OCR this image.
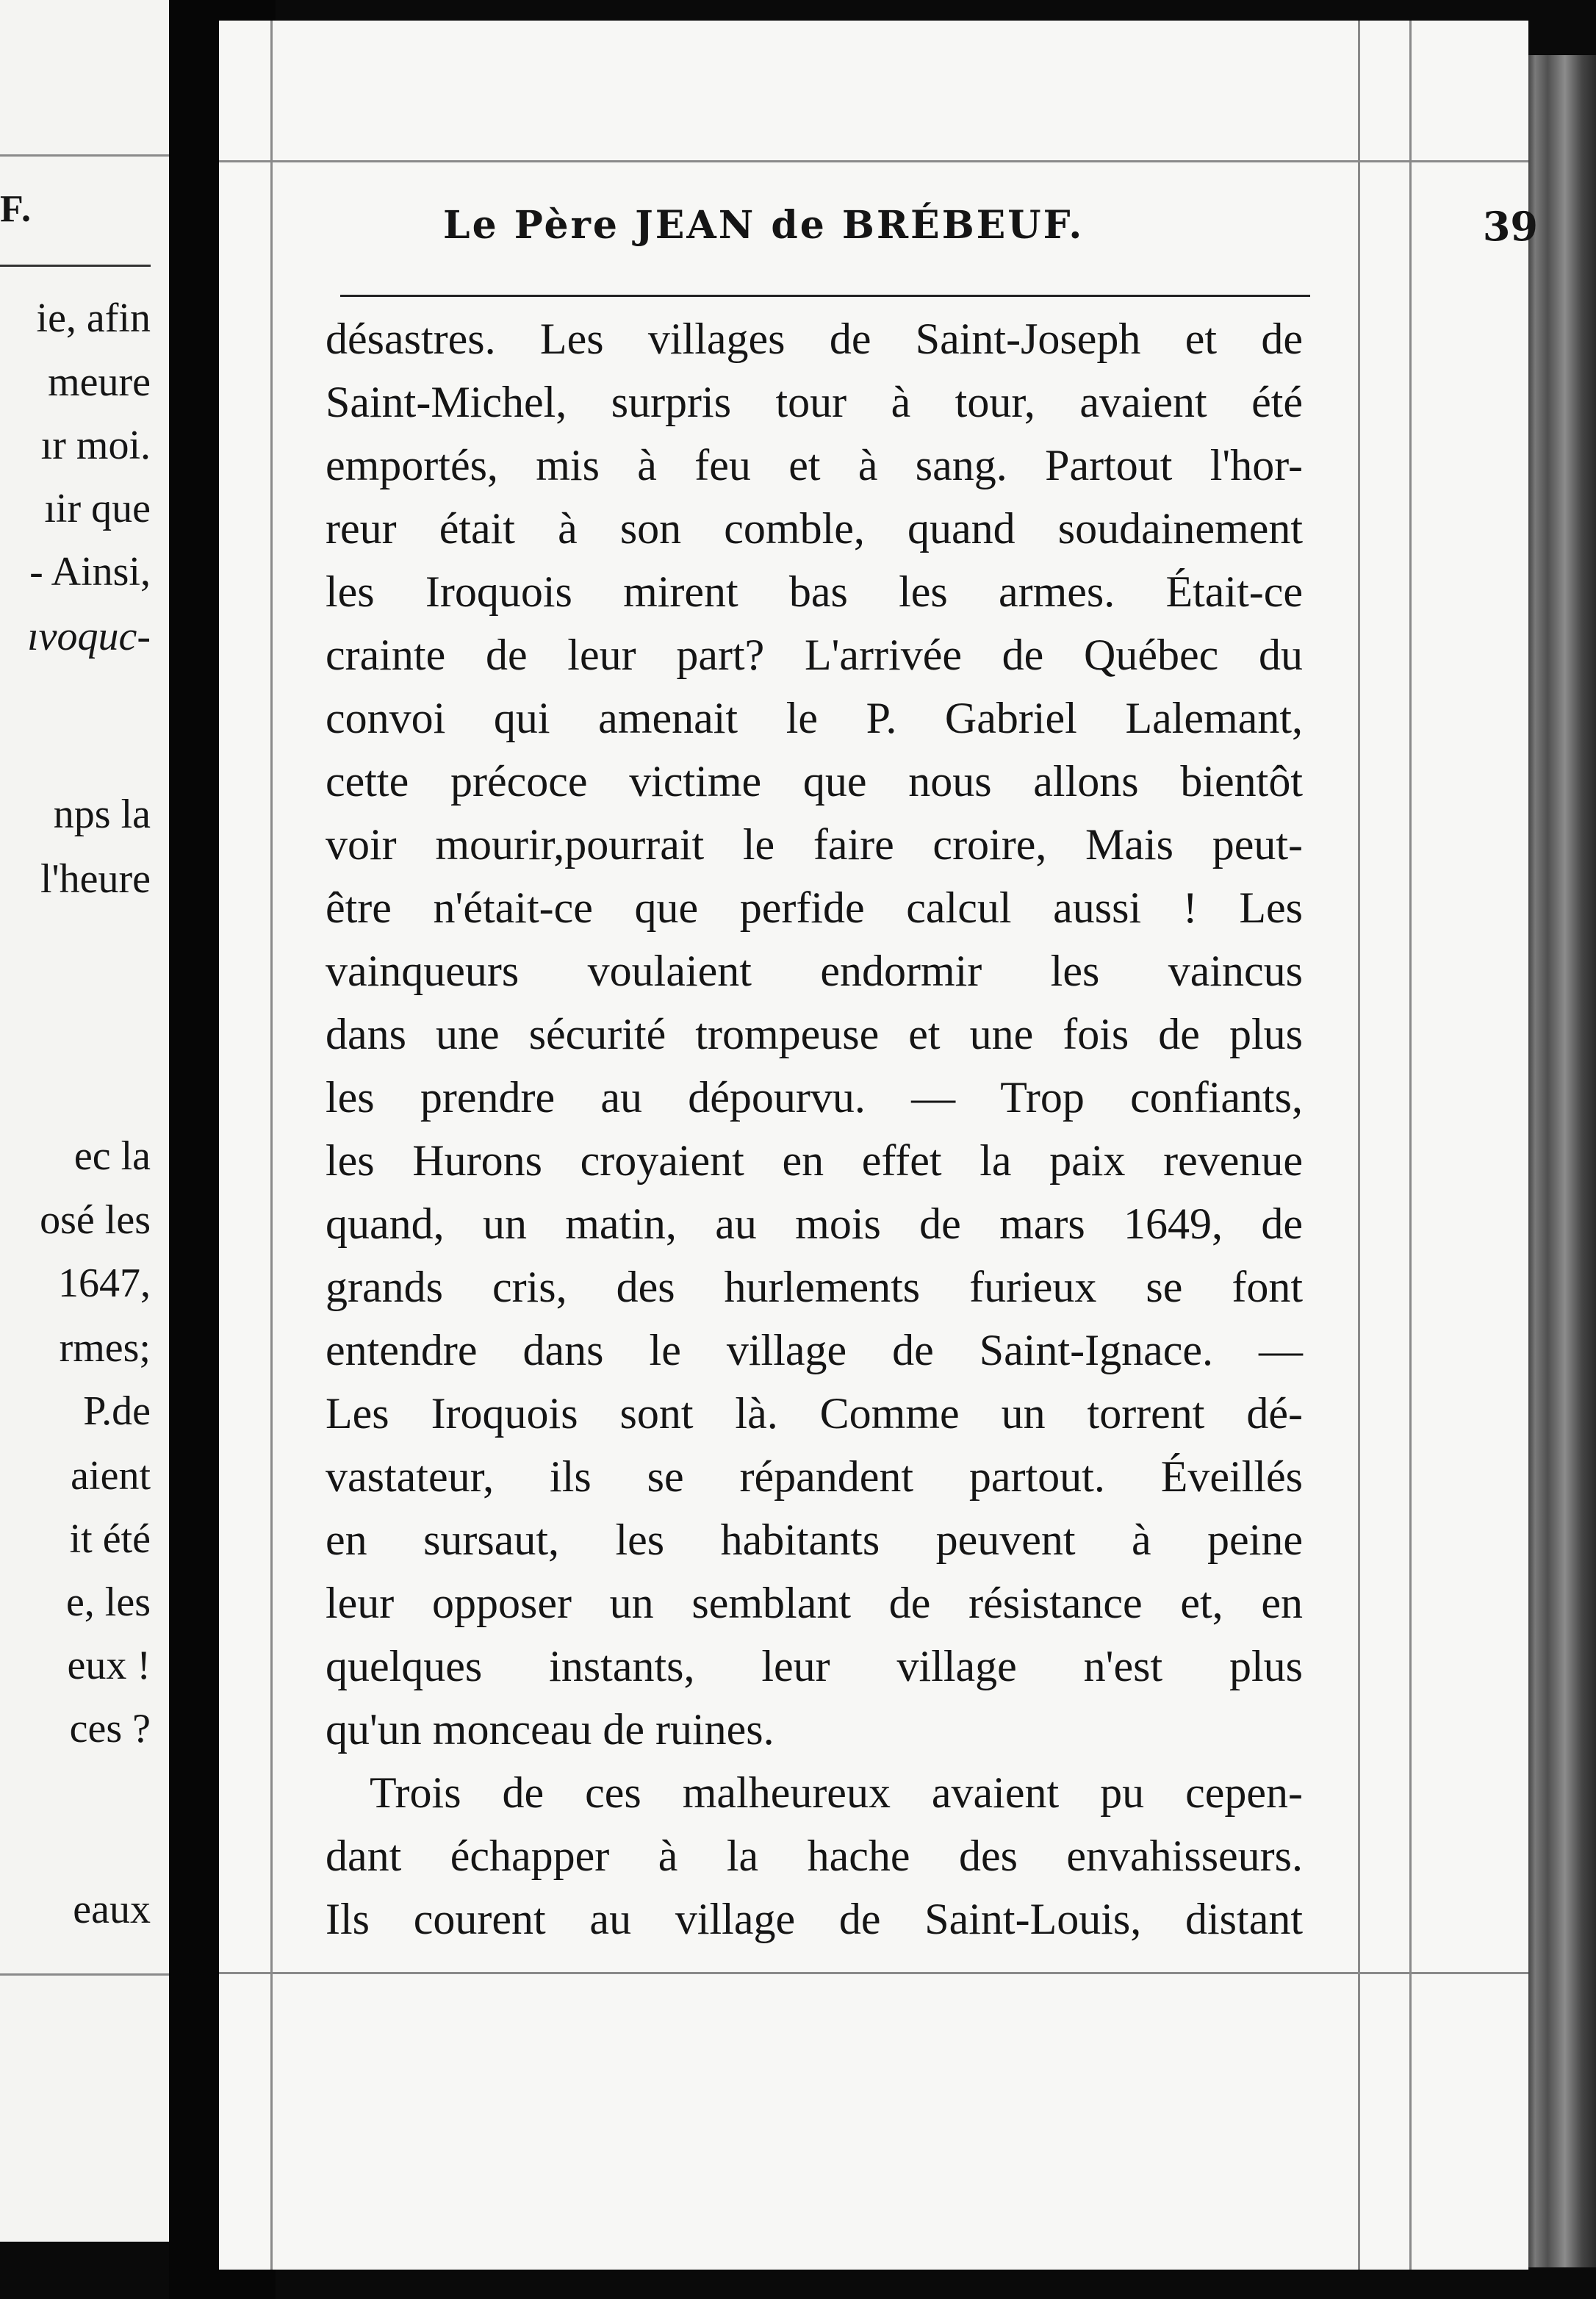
F.
ie, afin
meure
ır moi.
ıir que
- Ainsi,
ıvoquc-
nps la
l'heure
ec la
osé les
1647,
rmes;
P.de
aient
it été
e, les
eux !
ces ?
eaux
Le Père JEAN de BRÉBEUF.	39
désastres. Les villages de Saint-Joseph et de
Saint-Michel, surpris tour à tour, avaient été
emportés, mis à feu et à sang. Partout l'hor-
reur était à son comble, quand soudainement
les Iroquois mirent bas les armes. Était-ce
crainte de leur part? L'arrivée de Québec du
convoi qui amenait le P. Gabriel Lalemant,
cette précoce victime que nous allons bientôt
voir mourir,pourrait le faire croire, Mais peut-
être n'était-ce que perfide calcul aussi ! Les
vainqueurs voulaient endormir les vaincus
dans une sécurité trompeuse et une fois de plus
les prendre au dépourvu. — Trop confiants,
les Hurons croyaient en effet la paix revenue
quand, un matin, au mois de mars 1649, de
grands cris, des hurlements furieux se font
entendre dans le village de Saint-Ignace. —
Les Iroquois sont là. Comme un torrent dé-
vastateur, ils se répandent partout. Éveillés
en sursaut, les habitants peuvent à peine
leur opposer un semblant de résistance et, en
quelques instants, leur village n'est plus
qu'un monceau de ruines.
Trois de ces malheureux avaient pu cepen-
dant échapper à la hache des envahisseurs.
Ils courent au village de Saint-Louis, distant
